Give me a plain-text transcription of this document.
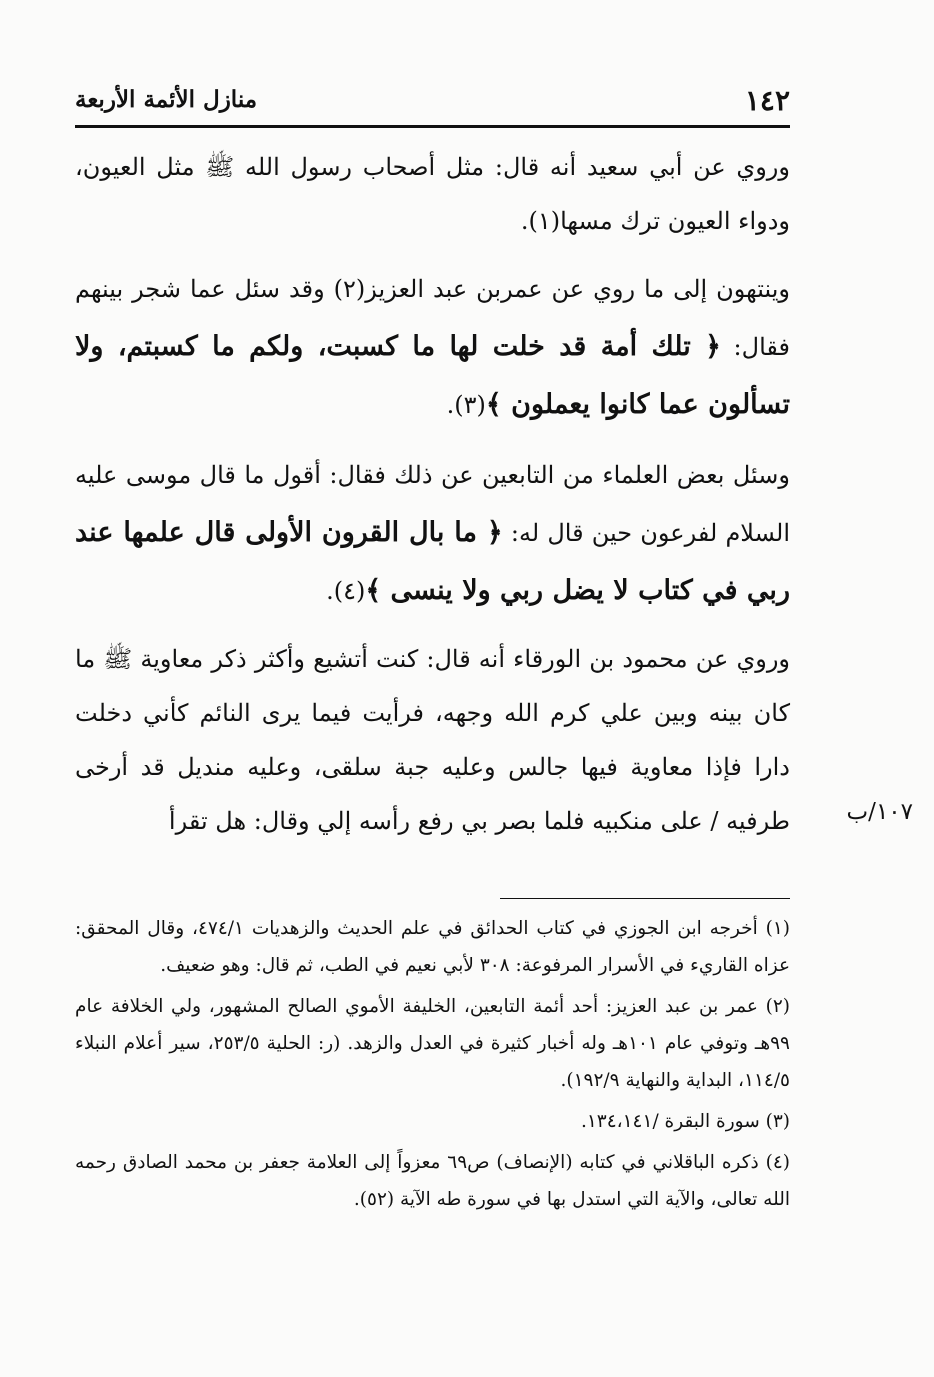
١٤٢
منازل الأئمة الأربعة

وروي عن أبي سعيد أنه قال: مثل أصحاب رسول الله ﷺ مثل العيون، ودواء العيون ترك مسها(١).

وينتهون إلى ما روي عن عمربن عبد العزيز(٢) وقد سئل عما شجر بينهم فقال: ﴿ تلك أمة قد خلت لها ما كسبت، ولكم ما كسبتم، ولا تسألون عما كانوا يعملون ﴾(٣).

وسئل بعض العلماء من التابعين عن ذلك فقال: أقول ما قال موسى عليه السلام لفرعون حين قال له: ﴿ ما بال القرون الأولى قال علمها عند ربي في كتاب لا يضل ربي ولا ينسى ﴾(٤).

وروي عن محمود بن الورقاء أنه قال: كنت أتشيع وأكثر ذكر معاوية ﷺ ما كان بينه وبين علي كرم الله وجهه، فرأيت فيما يرى النائم كأني دخلت دارا فإذا معاوية فيها جالس وعليه جبة سلقى، وعليه منديل قد أرخى طرفيه / على منكبيه فلما بصر بي رفع رأسه إلي وقال: هل تقرأ	١٠٧/ب

(١) أخرجه ابن الجوزي في كتاب الحدائق في علم الحديث والزهديات ٤٧٤/١، وقال المحقق: عزاه القاريء في الأسرار المرفوعة: ٣٠٨ لأبي نعيم في الطب، ثم قال: وهو ضعيف.

(٢) عمر بن عبد العزيز: أحد أئمة التابعين، الخليفة الأموي الصالح المشهور، ولي الخلافة عام ٩٩هـ وتوفي عام ١٠١هـ وله أخبار كثيرة في العدل والزهد. (ر: الحلية ٢٥٣/٥، سير أعلام النبلاء ١١٤/٥، البداية والنهاية ١٩٢/٩).

(٣) سورة البقرة /١٣٤،١٤١.

(٤) ذكره الباقلاني في كتابه (الإنصاف) ص٦٩ معزواً إلى العلامة جعفر بن محمد الصادق رحمه الله تعالى، والآية التي استدل بها في سورة طه الآية (٥٢).
